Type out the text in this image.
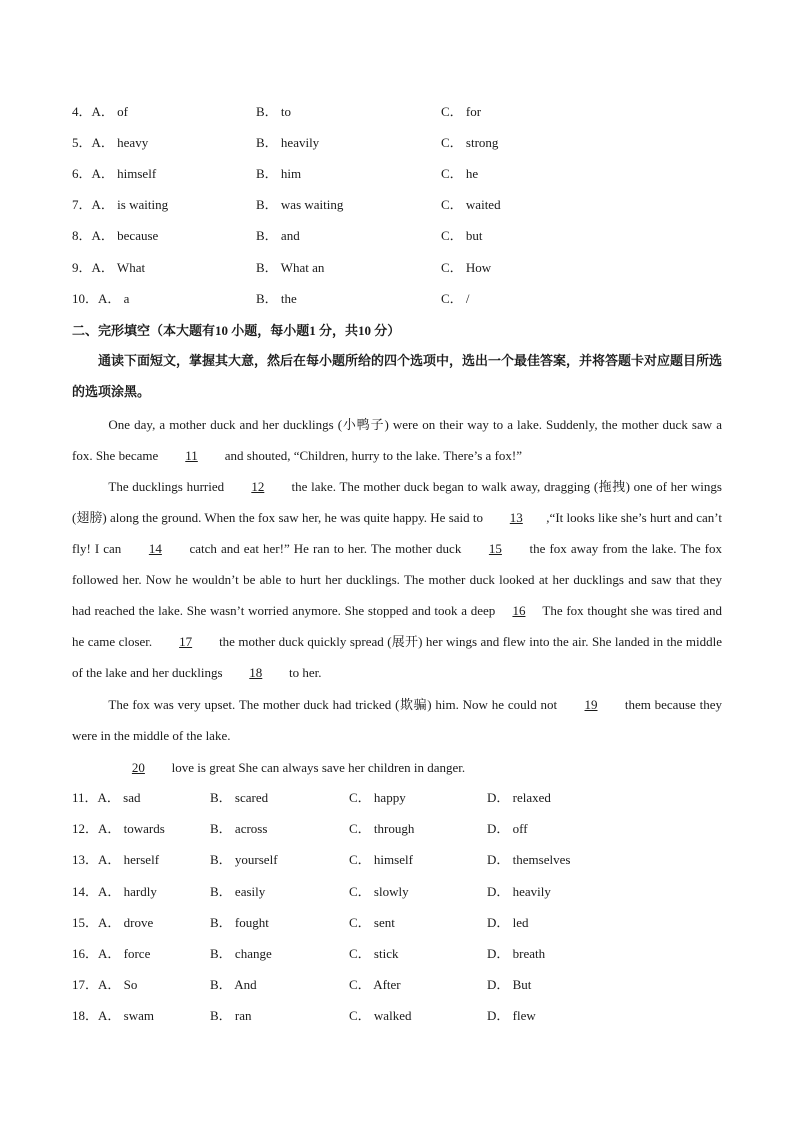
4．A． of	B． to	C． for
5．A． heavy	B． heavily	C． strong
6．A． himself	B． him	C． he
7．A． is waiting	B． was waiting	C． waited
8．A． because	B． and	C． but
9．A． What	B． What an	C． How
10．A． a	B． the	C． /
二、完形填空（本大题有10 小题，每小题1 分，共10 分）
通读下面短文，掌握其大意，然后在每小题所给的四个选项中，选出一个最佳答案，并将答题卡对应题目所选的选项涂黑。
One day, a mother duck and her ducklings (小鸭子) were on their way to a lake. Suddenly, the mother duck saw a fox. She became 11 and shouted, “Children, hurry to the lake. There’s a fox!”
The ducklings hurried 12 the lake. The mother duck began to walk away, dragging (拖拽) one of her wings (翅膀) along the ground. When the fox saw her, he was quite happy. He said to 13 ,“It looks like she’s hurt and can’t fly! I can 14 catch and eat her!” He ran to her. The mother duck 15 the fox away from the lake. The fox followed her. Now he wouldn’t be able to hurt her ducklings. The mother duck looked at her ducklings and saw that they had reached the lake. She wasn’t worried anymore. She stopped and took a deep 16 The fox thought she was tired and he came closer. 17 the mother duck quickly spread (展开) her wings and flew into the air. She landed in the middle of the lake and her ducklings 18 to her.
The fox was very upset. The mother duck had tricked (欺骗) him. Now he could not 19 them because they were in the middle of the lake.
20 love is great She can always save her children in danger.
11．A． sad	B． scared	C． happy	D． relaxed
12．A． towards	B． across	C． through	D． off
13．A． herself	B． yourself	C． himself	D． themselves
14．A． hardly	B． easily	C． slowly	D． heavily
15．A． drove	B． fought	C． sent	D． led
16．A． force	B． change	C． stick	D． breath
17．A． So	B． And	C． After	D． But
18．A． swam	B． ran	C． walked	D． flew
